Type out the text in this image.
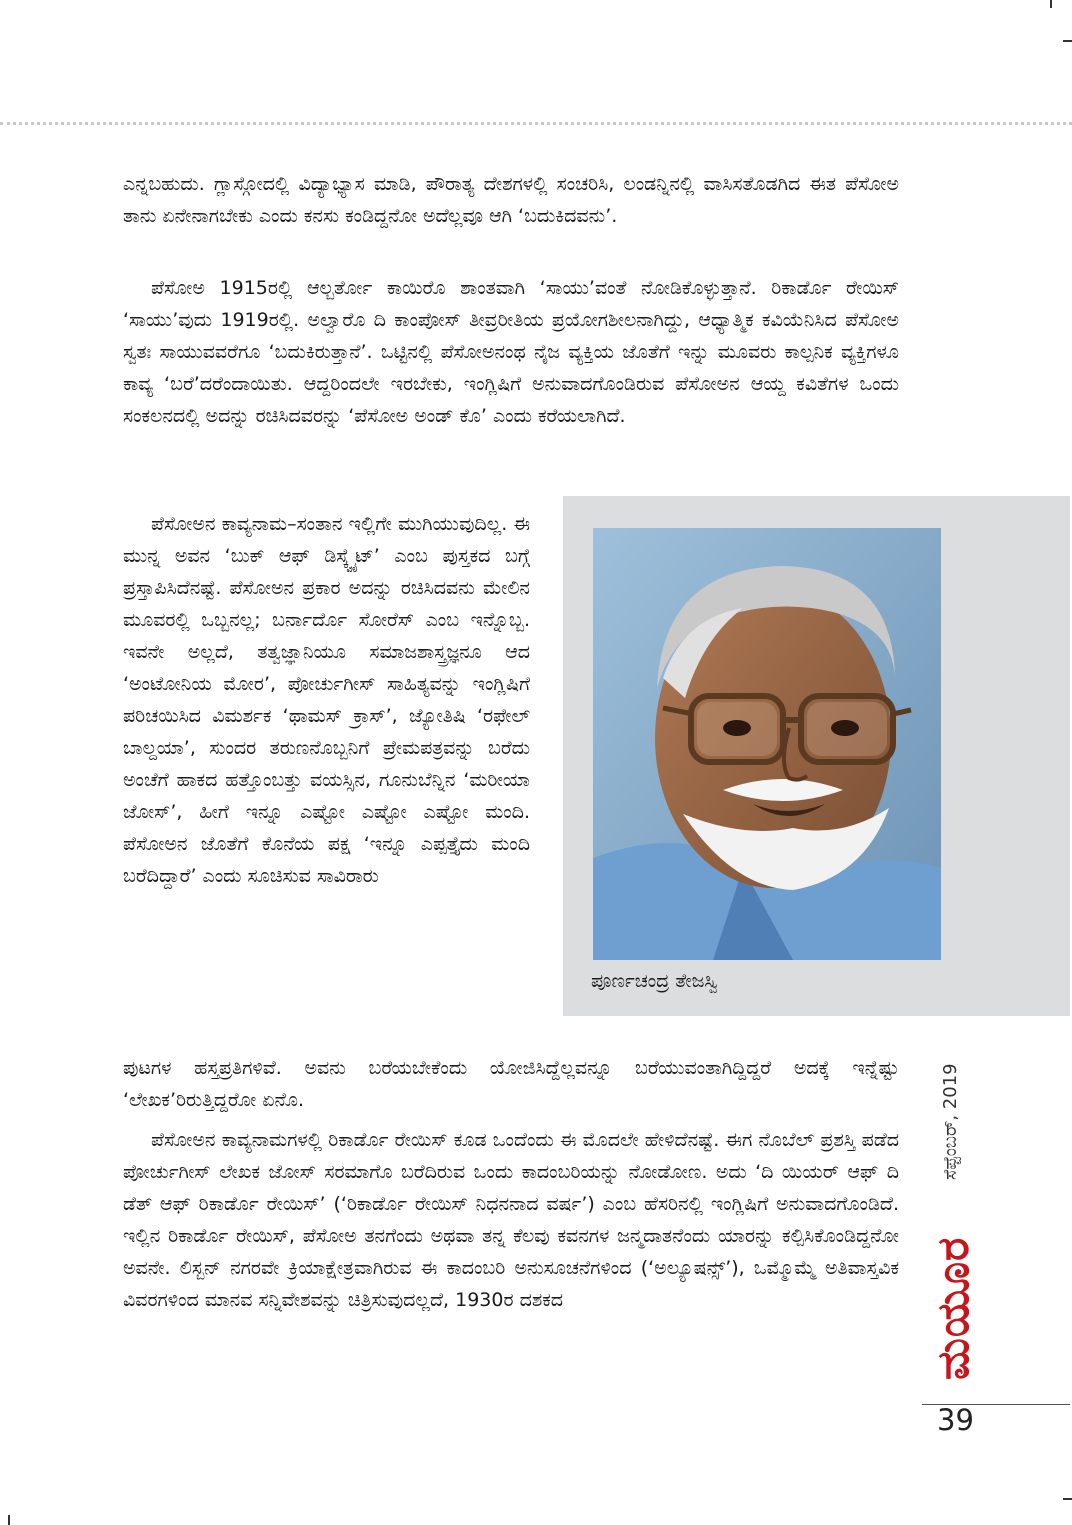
ಎನ್ನಬಹುದು. ಗ್ಲಾಸ್ಗೋದಲ್ಲಿ ವಿದ್ಯಾಭ್ಯಾಸ ಮಾಡಿ, ಪೌರಾತ್ಯ ದೇಶಗಳಲ್ಲಿ ಸಂಚರಿಸಿ, ಲಂಡನ್ನಿನಲ್ಲಿ ವಾಸಿಸತೊಡಗಿದ ಈತ ಪೆಸೋಅ ತಾನು ಏನೇನಾಗಬೇಕು ಎಂದು ಕನಸು ಕಂಡಿದ್ದನೋ ಅದೆಲ್ಲವೂ ಆಗಿ ‘ಬದುಕಿದವನು’.

ಪೆಸೋಅ 1915ರಲ್ಲಿ ಆಲ್ಬರ್ತೋ ಕಾಯಿರೊ ಶಾಂತವಾಗಿ ‘ಸಾಯು’ವಂತೆ ನೋಡಿಕೊಳ್ಳುತ್ತಾನೆ. ರಿಕಾರ್ಡೊ ರೇಯಿಸ್ ‘ಸಾಯು’ವುದು 1919ರಲ್ಲಿ. ಅಲ್ವಾರೊ ದಿ ಕಾಂಪೋಸ್ ತೀವ್ರರೀತಿಯ ಪ್ರಯೋಗಶೀಲನಾಗಿದ್ದು, ಆಧ್ಯಾತ್ಮಿಕ ಕವಿಯೆನಿಸಿದ ಪೆಸೋಅ ಸ್ವತಃ ಸಾಯುವವರೆಗೂ ‘ಬದುಕಿರುತ್ತಾನೆ’. ಒಟ್ಟಿನಲ್ಲಿ ಪೆಸೋಅನಂಥ ನೈಜ ವ್ಯಕ್ತಿಯ ಜೊತೆಗೆ ಇನ್ನು ಮೂವರು ಕಾಲ್ಪನಿಕ ವ್ಯಕ್ತಿಗಳೂ ಕಾವ್ಯ ‘ಬರೆ’ದರೆಂದಾಯಿತು. ಆದ್ದರಿಂದಲೇ ಇರಬೇಕು, ಇಂಗ್ಲಿಷಿಗೆ ಅನುವಾದಗೊಂಡಿರುವ ಪೆಸೋಅನ ಆಯ್ದ ಕವಿತೆಗಳ ಒಂದು ಸಂಕಲನದಲ್ಲಿ ಅದನ್ನು ರಚಿಸಿದವರನ್ನು ‘ಪೆಸೋಅ ಅಂಡ್ ಕೊ’ ಎಂದು ಕರೆಯಲಾಗಿದೆ.

ಪೆಸೋಅನ ಕಾವ್ಯನಾಮ–ಸಂತಾನ ಇಲ್ಲಿಗೇ ಮುಗಿಯುವುದಿಲ್ಲ. ಈ ಮುನ್ನ ಅವನ ‘ಬುಕ್ ಆಫ್ ಡಿಸ್ಕ್ವೈಟ್’ ಎಂಬ ಪುಸ್ತಕದ ಬಗ್ಗೆ ಪ್ರಸ್ತಾಪಿಸಿದೆನಷ್ಟೆ. ಪೆಸೋಅನ ಪ್ರಕಾರ ಅದನ್ನು ರಚಿಸಿದವನು ಮೇಲಿನ ಮೂವರಲ್ಲಿ ಒಬ್ಬನಲ್ಲ; ಬರ್ನಾರ್ದೊ ಸೋರೆಸ್ ಎಂಬ ಇನ್ನೊಬ್ಬ. ಇವನೇ ಅಲ್ಲದೆ, ತತ್ವಜ್ಞಾನಿಯೂ ಸಮಾಜಶಾಸ್ತ್ರಜ್ಞನೂ ಆದ ‘ಅಂಟೋನಿಯ ಮೋರ’, ಪೋರ್ಚುಗೀಸ್ ಸಾಹಿತ್ಯವನ್ನು ಇಂಗ್ಲಿಷಿಗೆ ಪರಿಚಯಿಸಿದ ವಿಮರ್ಶಕ ‘ಥಾಮಸ್ ಕ್ರಾಸ್’, ಜ್ಯೋತಿಷಿ ‘ರಫೇಲ್ ಬಾಲ್ದಯಾ’, ಸುಂದರ ತರುಣನೊಬ್ಬನಿಗೆ ಪ್ರೇಮಪತ್ರವನ್ನು ಬರೆದು ಅಂಚೆಗೆ ಹಾಕದ ಹತ್ತೊಂಬತ್ತು ವಯಸ್ಸಿನ, ಗೂನುಬೆನ್ನಿನ ‘ಮರೀಯಾ ಜೋಸ್’, ಹೀಗೆ ಇನ್ನೂ ಎಷ್ಟೋ ಎಷ್ಟೋ ಎಷ್ಟೋ ಮಂದಿ. ಪೆಸೋಅನ ಜೊತೆಗೆ ಕೊನೆಯ ಪಕ್ಷ ‘ಇನ್ನೂ ಎಪ್ಪತ್ತೈದು ಮಂದಿ ಬರೆದಿದ್ದಾರೆ’ ಎಂದು ಸೂಚಿಸುವ ಸಾವಿರಾರು

ಪೂರ್ಣಚಂದ್ರ ತೇಜಸ್ವಿ

ಪುಟಗಳ ಹಸ್ತಪ್ರತಿಗಳಿವೆ. ಅವನು ಬರೆಯಬೇಕೆಂದು ಯೋಜಿಸಿದ್ದೆಲ್ಲವನ್ನೂ ಬರೆಯುವಂತಾಗಿದ್ದಿದ್ದರೆ ಅದಕ್ಕೆ ಇನ್ನೆಷ್ಟು ‘ಲೇಖಕ’ರಿರುತ್ತಿದ್ದರೋ ಏನೊ.

ಪೆಸೋಅನ ಕಾವ್ಯನಾಮಗಳಲ್ಲಿ ರಿಕಾರ್ಡೊ ರೇಯಿಸ್ ಕೂಡ ಒಂದೆಂದು ಈ ಮೊದಲೇ ಹೇಳಿದೆನಷ್ಟೆ. ಈಗ ನೊಬೆಲ್ ಪ್ರಶಸ್ತಿ ಪಡೆದ ಪೋರ್ಚುಗೀಸ್ ಲೇಖಕ ಜೋಸ್ ಸರಮಾಗೊ ಬರೆದಿರುವ ಒಂದು ಕಾದಂಬರಿಯನ್ನು ನೋಡೋಣ. ಅದು ‘ದಿ ಯಿಯರ್ ಆಫ್ ದಿ ಡೆತ್ ಆಫ್ ರಿಕಾರ್ಡೊ ರೇಯಿಸ್’ (‘ರಿಕಾರ್ಡೊ ರೇಯಿಸ್ ನಿಧನನಾದ ವರ್ಷ’) ಎಂಬ ಹೆಸರಿನಲ್ಲಿ ಇಂಗ್ಲಿಷಿಗೆ ಅನುವಾದಗೊಂಡಿದೆ. ಇಲ್ಲಿನ ರಿಕಾರ್ಡೊ ರೇಯಿಸ್, ಪೆಸೋಅ ತನಗೆಂದು ಅಥವಾ ತನ್ನ ಕೆಲವು ಕವನಗಳ ಜನ್ಮದಾತನೆಂದು ಯಾರನ್ನು ಕಲ್ಪಿಸಿಕೊಂಡಿದ್ದನೋ ಅವನೇ. ಲಿಸ್ಬನ್ ನಗರವೇ ಕ್ರಿಯಾಕ್ಷೇತ್ರವಾಗಿರುವ ಈ ಕಾದಂಬರಿ ಅನುಸೂಚನೆಗಳಿಂದ (‘ಅಲ್ಯೂಷನ್ಸ್’), ಒಮ್ಮೊಮ್ಮೆ ಅತಿವಾಸ್ತವಿಕ ವಿವರಗಳಿಂದ ಮಾನವ ಸನ್ನಿವೇಶವನ್ನು ಚಿತ್ರಿಸುವುದಲ್ಲದೆ, 1930ರ ದಶಕದ

ಸೆಪ್ಟೆಂಬರ್, 2019
ಮಯೂರ

39
